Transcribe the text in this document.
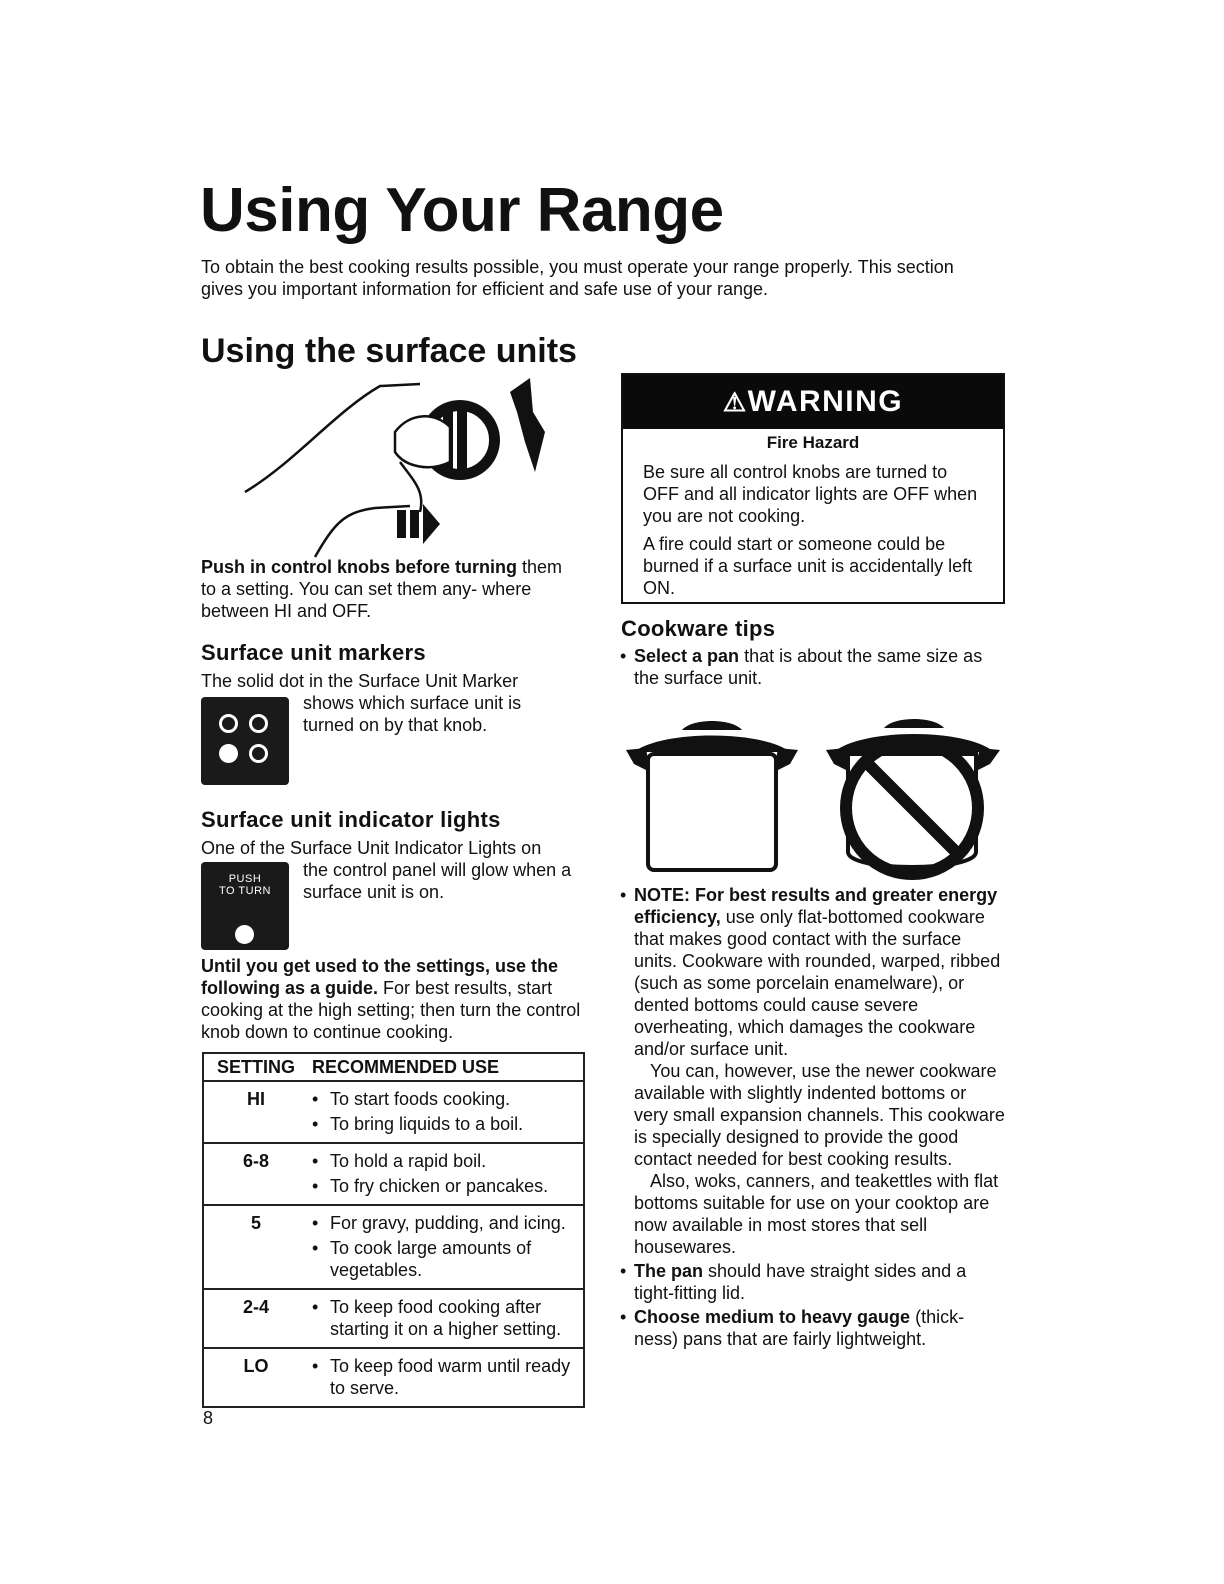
Using Your Range

To obtain the best cooking results possible, you must operate your range properly. This section gives you important information for efficient and safe use of your range.

Using the surface units

Push in control knobs before turning them to a setting. You can set them any- where between HI and OFF.

Surface unit markers

The solid dot in the Surface Unit Marker

shows which surface unit is turned on by that knob.

Surface unit indicator lights

One of the Surface Unit Indicator Lights on

PUSH
TO TURN

the control panel will glow when a surface unit is on.

Until you get used to the settings, use the following as a guide. For best results, start cooking at the high setting; then turn the control knob down to continue cooking.

SETTING RECOMMENDED USE
HI	• To start foods cooking.
• To bring liquids to a boil.
6-8	• To hold a rapid boil.
• To fry chicken or pancakes.
5	• For gravy, pudding, and icing.
• To cook large amounts of vegetables.
2-4	• To keep food cooking after starting it on a higher setting.
LO	• To keep food warm until ready to serve.

8

⚠WARNING
Fire Hazard

Be sure all control knobs are turned to OFF and all indicator lights are OFF when you are not cooking.

A fire could start or someone could be burned if a surface unit is accidentally left ON.

Cookware tips
• Select a pan that is about the same size as the surface unit.
• NOTE: For best results and greater energy efficiency, use only flat-bottomed cookware that makes good contact with the surface units. Cookware with rounded, warped, ribbed (such as some porcelain enamelware), or dented bottoms could cause severe overheating, which damages the cookware and/or surface unit.
You can, however, use the newer cookware available with slightly indented bottoms or very small expansion channels. This cookware is specially designed to provide the good contact needed for best cooking results.
Also, woks, canners, and teakettles with flat bottoms suitable for use on your cooktop are now available in most stores that sell housewares.
• The pan should have straight sides and a tight-fitting lid.
• Choose medium to heavy gauge (thick- ness) pans that are fairly lightweight.
